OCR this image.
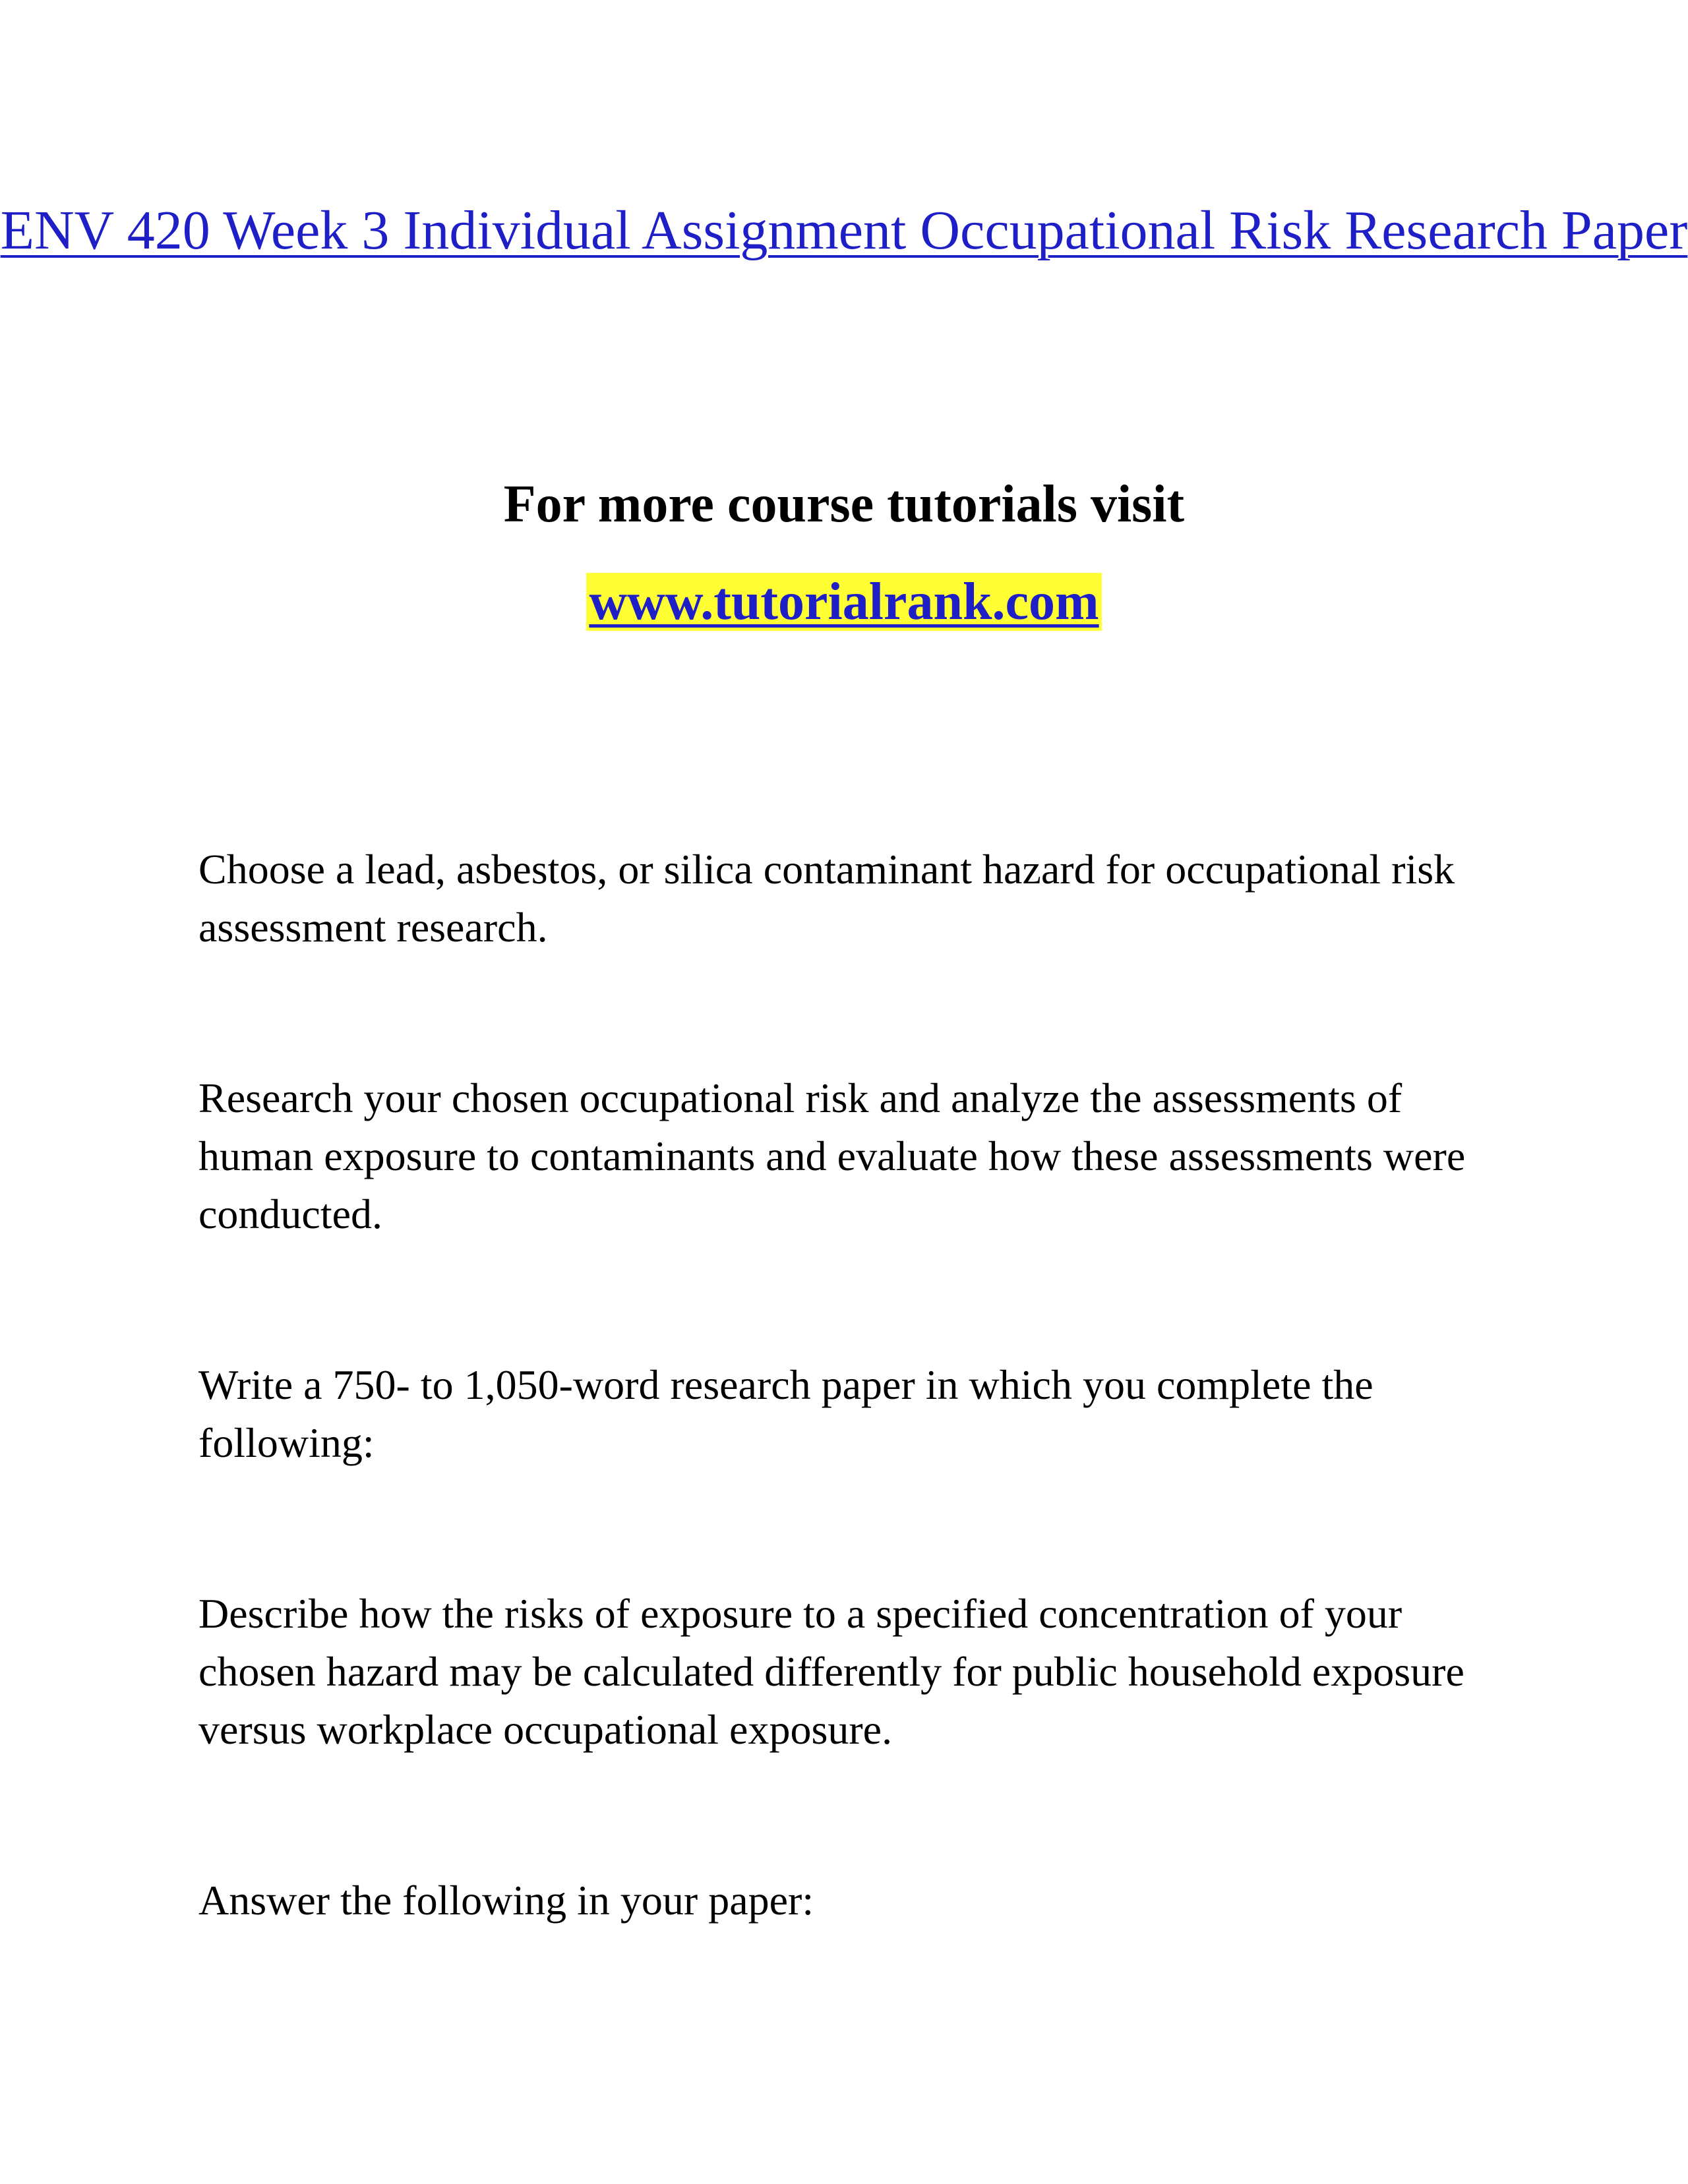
ENV 420 Week 3 Individual Assignment Occupational Risk Research Paper
For more course tutorials visit
www.tutorialrank.com

Choose a lead, asbestos, or silica contaminant hazard for occupational risk assessment research.

Research your chosen occupational risk and analyze the assessments of human exposure to contaminants and evaluate how these assessments were conducted.

Write a 750- to 1,050-word research paper in which you complete the following:

Describe how the risks of exposure to a specified concentration of your chosen hazard may be calculated differently for public household exposure versus workplace occupational exposure.

Answer the following in your paper:
